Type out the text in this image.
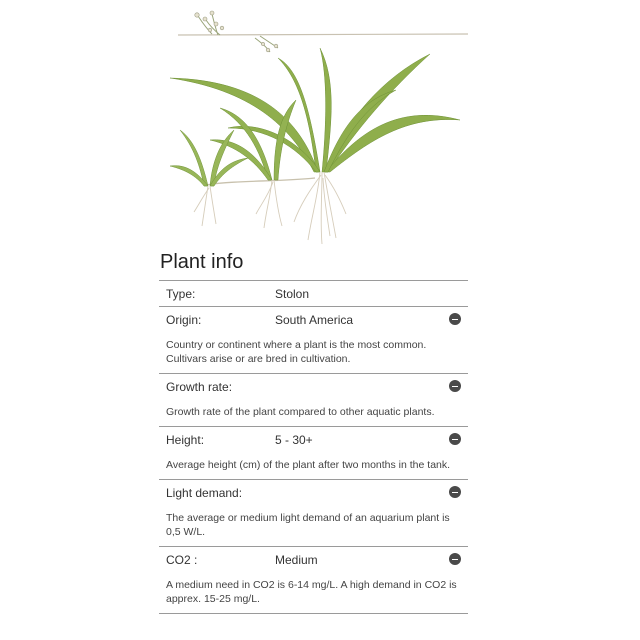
Plant info
Type:	Stolon
Origin:	South America

Country or continent where a plant is the most common. Cultivars arise or are bred in cultivation.

Growth rate:

Growth rate of the plant compared to other aquatic plants.

Height:	5 - 30+

Average height (cm) of the plant after two months in the tank.

Light demand:

The average or medium light demand of an aquarium plant is 0,5 W/L.

CO2 :	Medium

A medium need in CO2 is 6-14 mg/L. A high demand in CO2 is apprex. 15-25 mg/L.
